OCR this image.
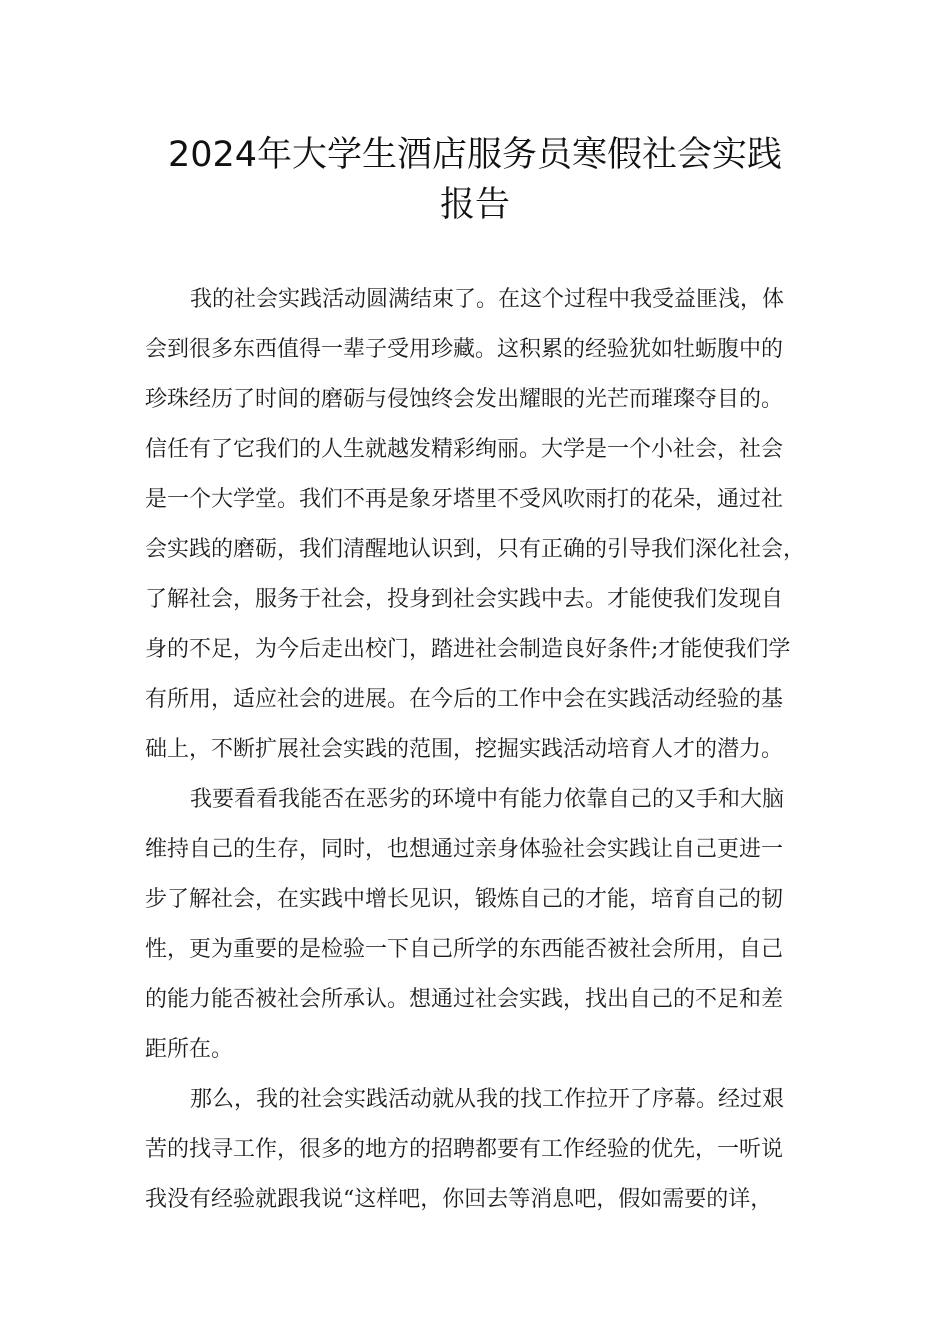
2024年大学生酒店服务员寒假社会实践
报告

我的社会实践活动圆满结束了。在这个过程中我受益匪浅，体

会到很多东西值得一辈子受用珍藏。这积累的经验犹如牡蛎腹中的

珍珠经历了时间的磨砺与侵蚀终会发出耀眼的光芒而璀璨夺目的。

信任有了它我们的人生就越发精彩绚丽。大学是一个小社会，社会

是一个大学堂。我们不再是象牙塔里不受风吹雨打的花朵，通过社

会实践的磨砺，我们清醒地认识到，只有正确的引导我们深化社会，

了解社会，服务于社会，投身到社会实践中去。才能使我们发现自

身的不足，为今后走出校门，踏进社会制造良好条件;才能使我们学

有所用，适应社会的进展。在今后的工作中会在实践活动经验的基

础上，不断扩展社会实践的范围，挖掘实践活动培育人才的潜力。

我要看看我能否在恶劣的环境中有能力依靠自己的又手和大脑

维持自己的生存，同时，也想通过亲身体验社会实践让自己更进一

步了解社会，在实践中增长见识，锻炼自己的才能，培育自己的韧

性，更为重要的是检验一下自己所学的东西能否被社会所用，自己

的能力能否被社会所承认。想通过社会实践，找出自己的不足和差

距所在。

那么，我的社会实践活动就从我的找工作拉开了序幕。经过艰

苦的找寻工作，很多的地方的招聘都要有工作经验的优先，一听说

我没有经验就跟我说“这样吧，你回去等消息吧，假如需要的详，
